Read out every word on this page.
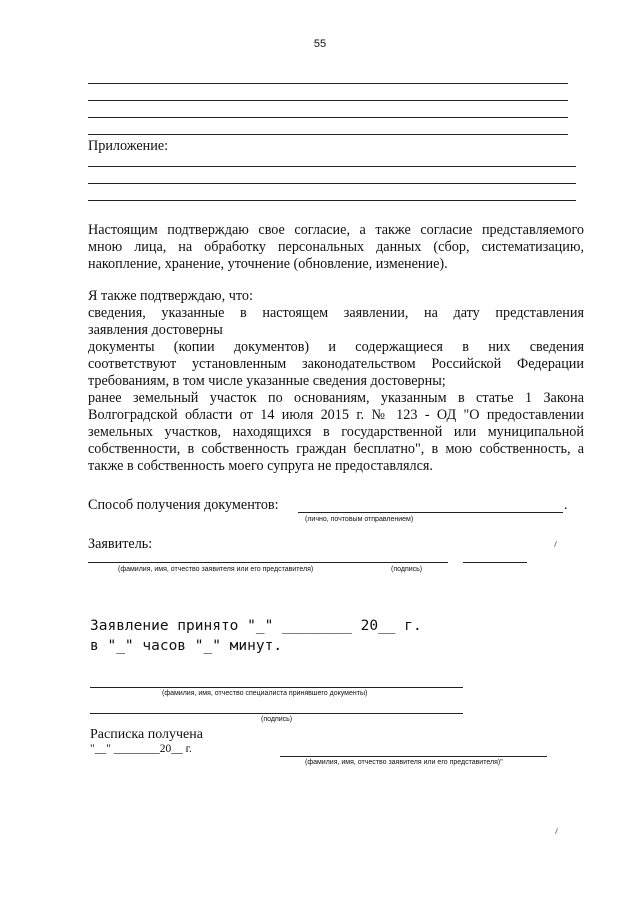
55
Приложение:
Настоящим подтверждаю свое согласие, а также согласие представляемого
мною лица, на обработку персональных данных (сбор, систематизацию,
накопление, хранение, уточнение (обновление, изменение).
Я также подтверждаю, что:
сведения, указанные в настоящем заявлении, на дату представления
заявления достоверны
документы (копии документов) и содержащиеся в них сведения
соответствуют установленным законодательством Российской Федерации
требованиям, в том числе указанные сведения достоверны;
ранее земельный участок по основаниям, указанным в статье 1 Закона
Волгоградской области от 14 июля 2015 г. № 123 - ОД "О предоставлении
земельных участков, находящихся в государственной или муниципальной
собственности, в собственность граждан бесплатно", в мою собственность, а
также в собственность моего супруга не предоставлялся.
Способ получения документов:	.
(лично, почтовым отправлением)
Заявитель:
(фамилия, имя, отчество заявителя или его представителя)	(подпись)
Заявление принято "_" ________ 20__ г.
в "_" часов "_" минут.
(фамилия, имя, отчество специалиста принявшего документы)
(подпись)
Расписка получена
"__" ________20__ г.
(фамилия, имя, отчество заявителя или его представителя)"
